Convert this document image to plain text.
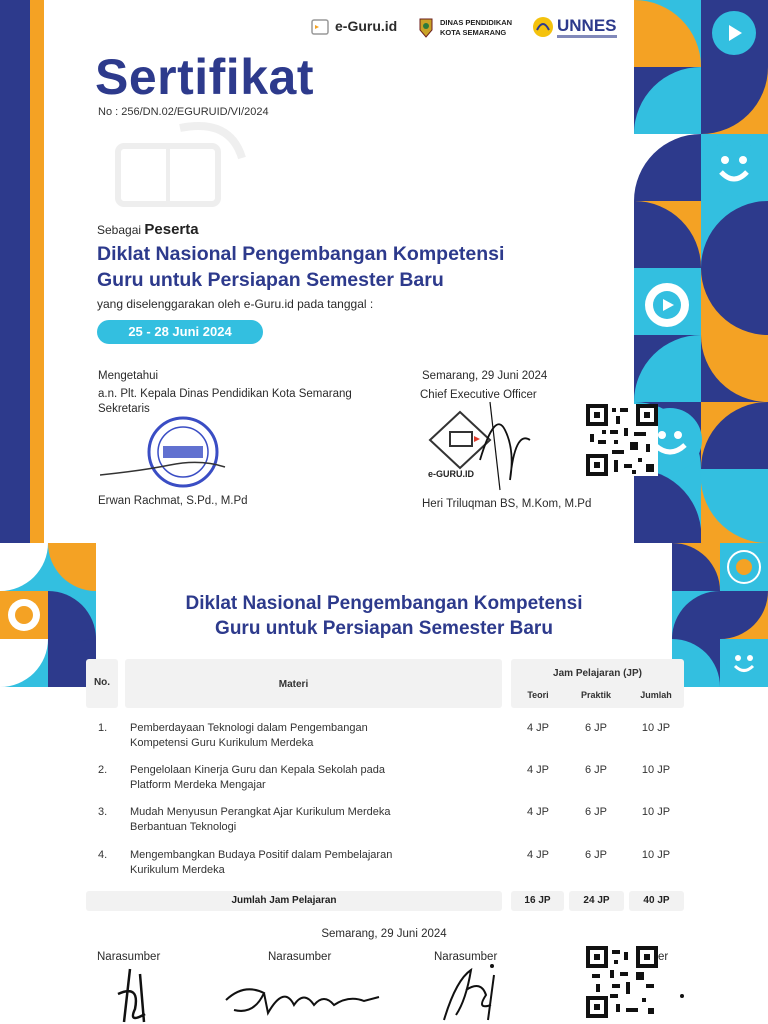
e-Guru.id	DINAS PENDIDIKAN
KOTA SEMARANG	UNNES
Sertifikat
No : 256/DN.02/EGURUID/VI/2024
Sebagai Peserta
Diklat Nasional Pengembangan Kompetensi
Guru untuk Persiapan Semester Baru
yang diselenggarakan oleh e-Guru.id pada tanggal :
25 - 28 Juni 2024
Mengetahui
a.n. Plt. Kepala Dinas Pendidikan Kota Semarang
Sekretaris
Erwan Rachmat, S.Pd., M.Pd
Semarang, 29 Juni 2024
Chief Executive Officer
e-GURU.ID
Heri Triluqman BS, M.Kom, M.Pd
Diklat Nasional Pengembangan Kompetensi
Guru untuk Persiapan Semester Baru
No.	Materi
Jam Pelajaran (JP)
Teori	Praktik	Jumlah
1. Pemberdayaan Teknologi dalam Pengembangan
Kompetensi Guru Kurikulum Merdeka
4 JP	6 JP	10 JP
2. Pengelolaan Kinerja Guru dan Kepala Sekolah pada
Platform Merdeka Mengajar
4 JP	6 JP	10 JP
3. Mudah Menyusun Perangkat Ajar Kurikulum Merdeka
Berbantuan Teknologi
4 JP	6 JP	10 JP
4. Mengembangkan Budaya Positif dalam Pembelajaran
Kurikulum Merdeka
4 JP	6 JP	10 JP
Jumlah Jam Pelajaran	16 JP	24 JP	40 JP
Semarang, 29 Juni 2024
Narasumber	Narasumber	Narasumber	er
